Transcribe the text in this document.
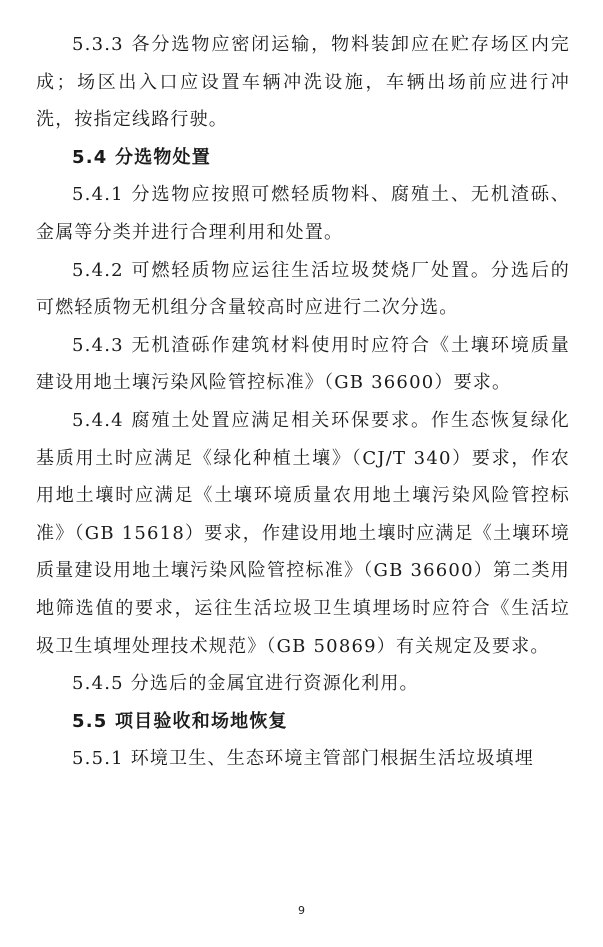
5.3.3 各分选物应密闭运输，物料装卸应在贮存场区内完成；场区出入口应设置车辆冲洗设施，车辆出场前应进行冲洗，按指定线路行驶。

5.4 分选物处置

5.4.1 分选物应按照可燃轻质物料、腐殖土、无机渣砾、金属等分类并进行合理利用和处置。

5.4.2 可燃轻质物应运往生活垃圾焚烧厂处置。分选后的可燃轻质物无机组分含量较高时应进行二次分选。

5.4.3 无机渣砾作建筑材料使用时应符合《土壤环境质量建设用地土壤污染风险管控标准》（GB 36600）要求。

5.4.4 腐殖土处置应满足相关环保要求。作生态恢复绿化基质用土时应满足《绿化种植土壤》（CJ/T 340）要求，作农用地土壤时应满足《土壤环境质量农用地土壤污染风险管控标准》（GB 15618）要求，作建设用地土壤时应满足《土壤环境质量建设用地土壤污染风险管控标准》（GB 36600）第二类用地筛选值的要求，运往生活垃圾卫生填埋场时应符合《生活垃圾卫生填埋处理技术规范》（GB 50869）有关规定及要求。

5.4.5 分选后的金属宜进行资源化利用。

5.5 项目验收和场地恢复

5.5.1 环境卫生、生态环境主管部门根据生活垃圾填埋

9
